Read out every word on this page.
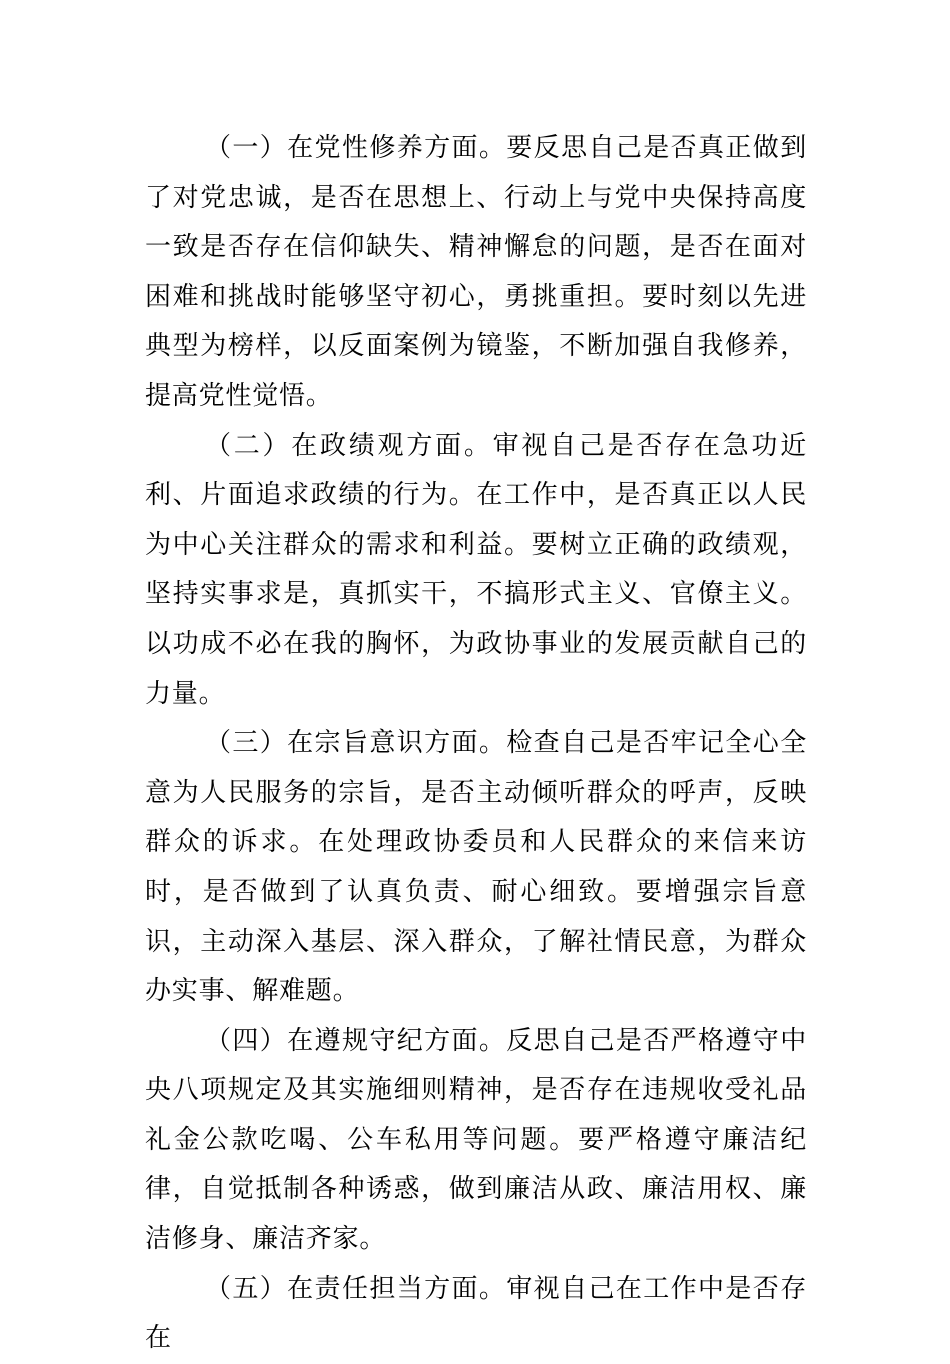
（一）在党性修养方面。要反思自己是否真正做到了对党忠诚，是否在思想上、行动上与党中央保持高度一致是否存在信仰缺失、精神懈怠的问题，是否在面对困难和挑战时能够坚守初心，勇挑重担。要时刻以先进典型为榜样，以反面案例为镜鉴，不断加强自我修养，提高党性觉悟。

（二）在政绩观方面。审视自己是否存在急功近利、片面追求政绩的行为。在工作中，是否真正以人民为中心关注群众的需求和利益。要树立正确的政绩观，坚持实事求是，真抓实干，不搞形式主义、官僚主义。以功成不必在我的胸怀，为政协事业的发展贡献自己的力量。

（三）在宗旨意识方面。检查自己是否牢记全心全意为人民服务的宗旨，是否主动倾听群众的呼声，反映群众的诉求。在处理政协委员和人民群众的来信来访时，是否做到了认真负责、耐心细致。要增强宗旨意识，主动深入基层、深入群众，了解社情民意，为群众办实事、解难题。

（四）在遵规守纪方面。反思自己是否严格遵守中央八项规定及其实施细则精神，是否存在违规收受礼品礼金公款吃喝、公车私用等问题。要严格遵守廉洁纪律，自觉抵制各种诱惑，做到廉洁从政、廉洁用权、廉洁修身、廉洁齐家。

（五）在责任担当方面。审视自己在工作中是否存在
